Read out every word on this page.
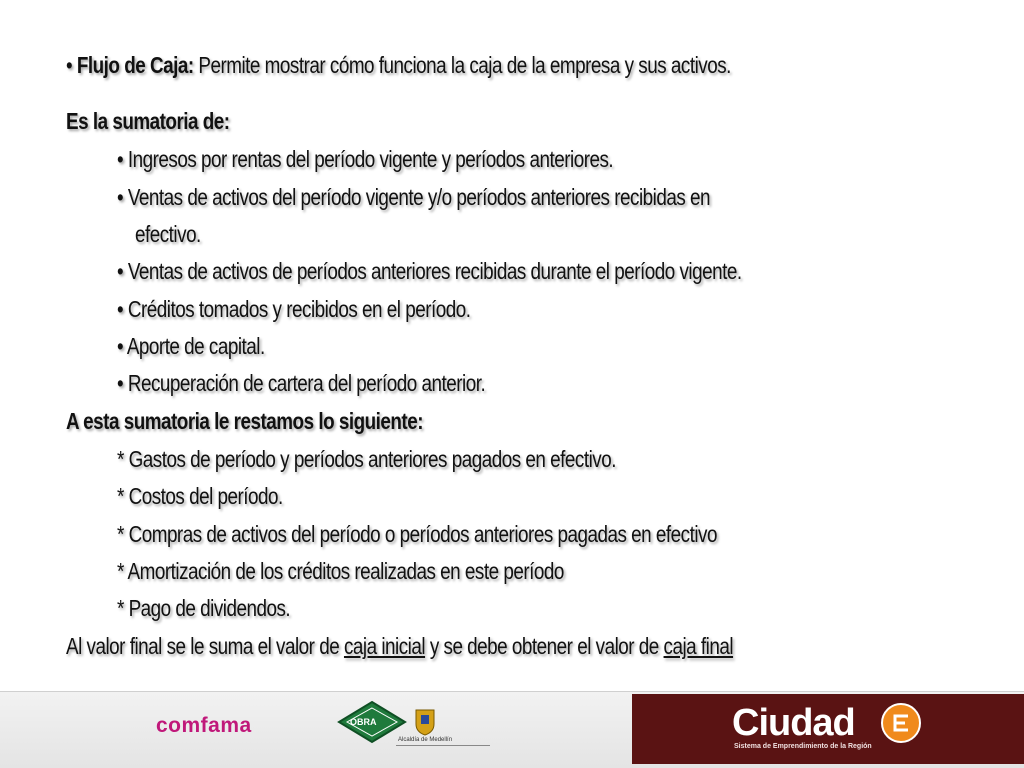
• Flujo de Caja: Permite mostrar cómo funciona la caja de la empresa y sus activos.
Es la sumatoria de:
• Ingresos por rentas del período vigente y períodos anteriores.
• Ventas de activos del período vigente y/o períodos anteriores recibidas en
efectivo.
• Ventas de activos de períodos anteriores recibidas durante el período vigente.
• Créditos tomados y recibidos en el período.
• Aporte de capital.
• Recuperación de cartera del período anterior.
A esta sumatoria le restamos lo siguiente:
* Gastos de período y períodos anteriores pagados en efectivo.
* Costos del período.
* Compras de activos del período o períodos anteriores pagadas en efectivo
* Amortización de los créditos realizadas en este período
* Pago de dividendos.
Al valor final se le suma el valor de caja inicial y se debe obtener el valor de caja final
comfama	OBRA
Alcaldía de Medellín	Ciudad
Sistema de Emprendimiento de la Región
